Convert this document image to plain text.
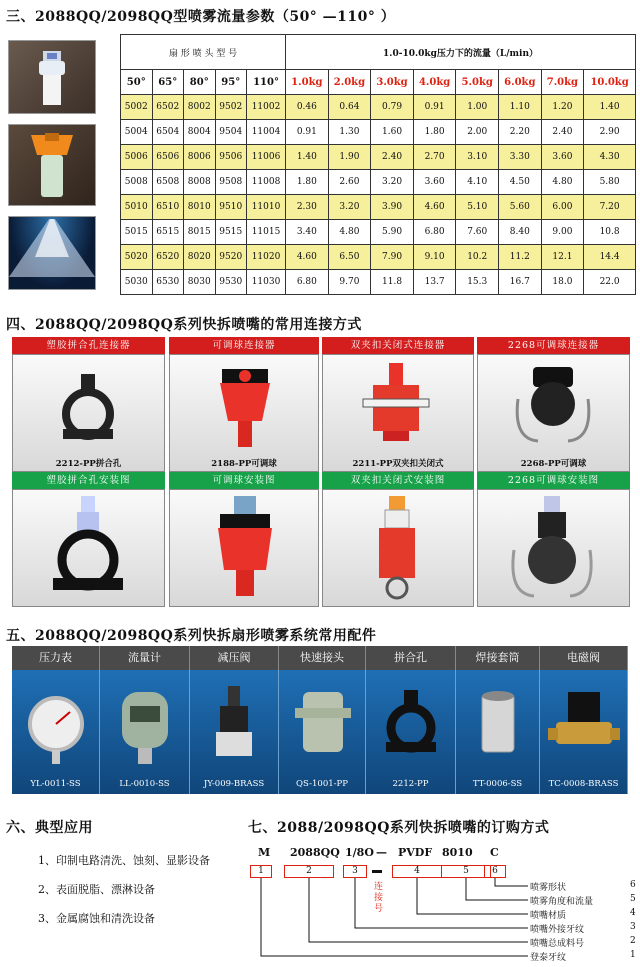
三、2088QQ/2098QQ型喷雾流量参数（50° —110° ）
扇 形 喷 头 型 号					1.0-10.0kg压力下的流量（L/min）							
50°	65°	80°	95°	110°	1.0kg	2.0kg	3.0kg	4.0kg	5.0kg	6.0kg	7.0kg	10.0kg
5002	6502	8002	9502	11002	0.46	0.64	0.79	0.91	1.00	1.10	1.20	1.40
5004	6504	8004	9504	11004	0.91	1.30	1.60	1.80	2.00	2.20	2.40	2.90
5006	6506	8006	9506	11006	1.40	1.90	2.40	2.70	3.10	3.30	3.60	4.30
5008	6508	8008	9508	11008	1.80	2.60	3.20	3.60	4.10	4.50	4.80	5.80
5010	6510	8010	9510	11010	2.30	3.20	3.90	4.60	5.10	5.60	6.00	7.20
5015	6515	8015	9515	11015	3.40	4.80	5.90	6.80	7.60	8.40	9.00	10.8
5020	6520	8020	9520	11020	4.60	6.50	7.90	9.10	10.2	11.2	12.1	14.4
5030	6530	8030	9530	11030	6.80	9.70	11.8	13.7	15.3	16.7	18.0	22.0
四、2088QQ/2098QQ系列快拆喷嘴的常用连接方式
塑胶拼合孔连接器
2212-PP拼合孔
可调球连接器
2188-PP可调球
双夹扣关闭式连接器
2211-PP双夹扣关闭式
2268可调球连接器
2268-PP可调球
塑胶拼合孔安装图	可调球安装图	双夹扣关闭式安装图	2268可调球安装图
五、2088QQ/2098QQ系列快拆扇形喷雾系统常用配件
压力表
YL-0011-SS
流量计
LL-0010-SS
减压阀
JY-009-BRASS
快速接头
QS-1001-PP
拼合孔
2212-PP
焊接套筒
TT-0006-SS
电磁阀
TC-0008-BRASS
六、典型应用
1、印制电路清洗、蚀刻、显影设备
2、表面脱脂、漂淋设备
3、金属腐蚀和清洗设备
七、2088/2098QQ系列快拆喷嘴的订购方式
M 2088QQ 1/8O — PVDF 8010 C
1	2	3	4	5	6
连接号
喷雾形状	6
喷雾角度和流量	5
喷嘴材质	4
喷嘴外接牙纹	3
喷嘴总成料号	2
登泰牙纹	1
